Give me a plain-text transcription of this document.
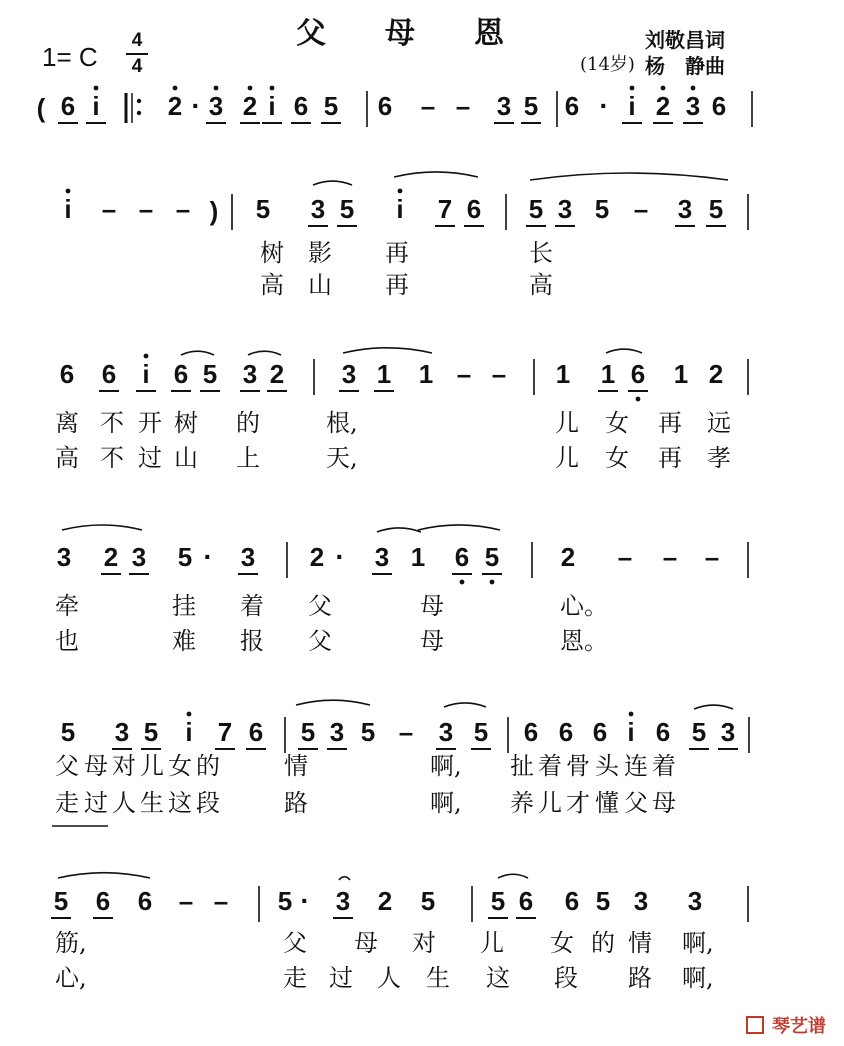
( 6 i	2 · 3 2 i 6 5 6 – – 3 5 6 · i 2 3 6
i – – – ) 5 3 5 i 7 6 5 3 5 – 3 5
6 6 i 6 5 3 2 3 1 1 – – 1 1 6 1 2
3 2 3 5 · 3 2 · 3 1 6 5 2 – – –
5 3 5 i 7 6 5 3 5 – 3 5 6 6 6 i 6 5 3
5 6 6 – – 5 · 3 2 5 5 6 6 5 3 3
父 母 恩	刘敬昌词
(14岁) 杨　静曲
1= C
4
4
琴艺谱
树 影 再	长
高 山 再	高
离 不 开 树 的	根,	儿 女 再 远
高 不 过 山 上	天,	儿 女 再 孝
牵	挂 着 父	母	心。
也	难 报 父	母	恩。
父 母 对 儿 女 的	情	啊, 扯 着 骨 头 连 着
走 过 人 生 这 段	路	啊, 养 儿 才 懂 父 母
筋,	父 母 对 儿 女 的 情 啊,
心,	走 过 人 生 这 段 路 啊,
